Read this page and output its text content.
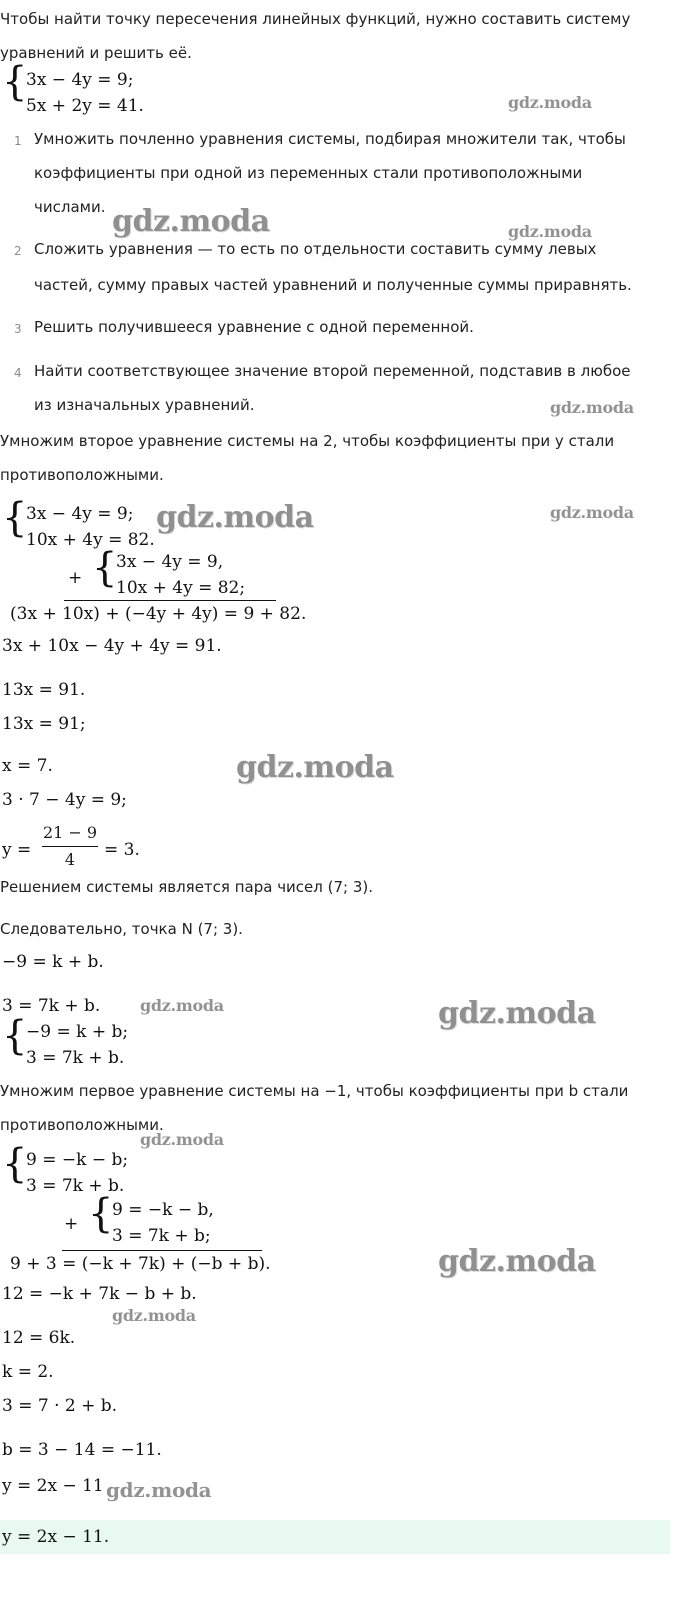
Чтобы найти точку пересечения линейных функций, нужно составить систему
уравнений и решить её.
{
3x − 4y = 9;
5x + 2y = 41.	gdz.moda
1 Умножить почленно уравнения системы, подбирая множители так, чтобы
коэффициенты при одной из переменных стали противоположными
числами. gdz.moda	gdz.moda
2 Сложить уравнения — то есть по отдельности составить сумму левых
частей, сумму правых частей уравнений и полученные суммы приравнять.
3 Решить получившееся уравнение с одной переменной.
4 Найти соответствующее значение второй переменной, подставив в любое
из изначальных уравнений.	gdz.moda
Умножим второе уравнение системы на 2, чтобы коэффициенты при y стали
противоположными.
{
3x − 4y = 9;
10x + 4y = 82.
gdz.moda	gdz.moda
+ {
3x − 4y = 9,
10x + 4y = 82;
(3x + 10x) + (−4y + 4y) = 9 + 82.
3x + 10x − 4y + 4y = 91.
13x = 91.
13x = 91;
x = 7.	gdz.moda
3 · 7 − 4y = 9;
y =
21 − 9
4	= 3.
Решением системы является пара чисел (7; 3).
Следовательно, точка N (7; 3).
−9 = k + b.
3 = 7k + b. gdz.moda	gdz.moda
{
−9 = k + b;
3 = 7k + b.
Умножим первое уравнение системы на −1, чтобы коэффициенты при b стали
противоположными.
gdz.moda
{
9 = −k − b;
3 = 7k + b.
+ {
9 = −k − b,
3 = 7k + b;
9 + 3 = (−k + 7k) + (−b + b).	gdz.moda
12 = −k + 7k − b + b.
gdz.moda
12 = 6k.
k = 2.
3 = 7 · 2 + b.
b = 3 − 14 = −11.
y = 2x − 11 gdz.moda
y = 2x − 11.
